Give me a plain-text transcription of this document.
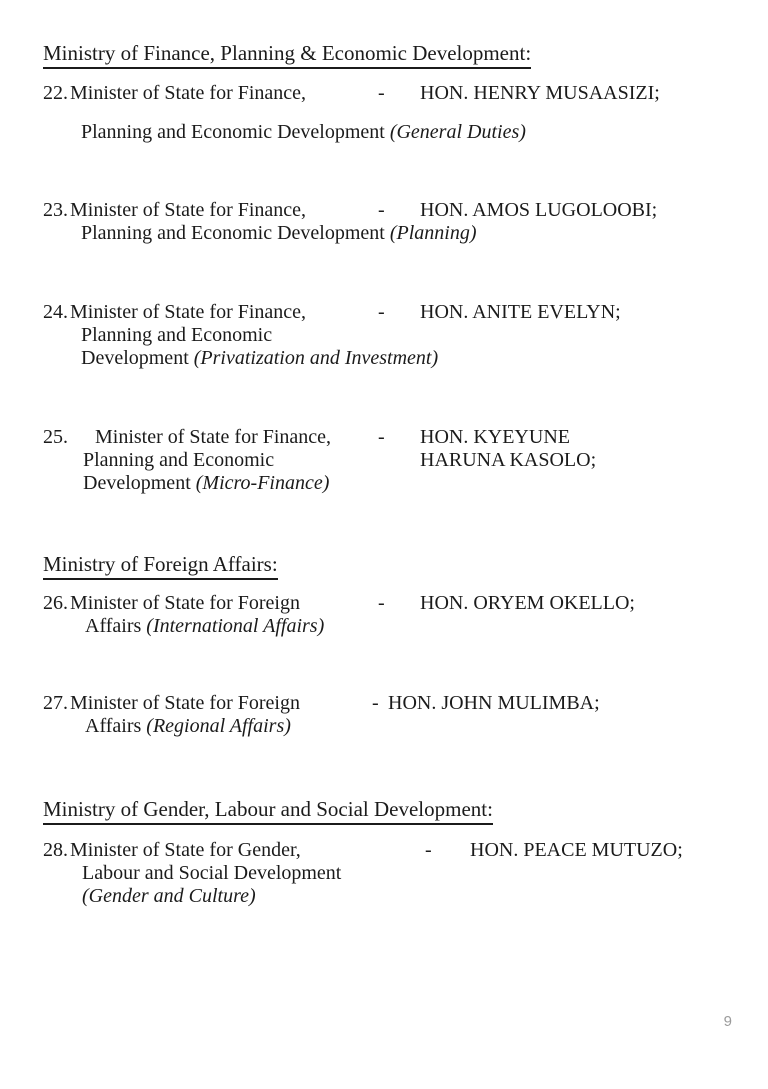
Ministry of Finance, Planning & Economic Development:
22. Minister of State for Finance,
Planning and Economic Development (General Duties)
-	HON. HENRY MUSAASIZI;
23. Minister of State for Finance,
Planning and Economic Development (Planning)
-	HON. AMOS LUGOLOOBI;
24. Minister of State for Finance,
Planning and Economic
Development (Privatization and Investment)
-	HON. ANITE EVELYN;
25.	Minister of State for Finance,
Planning and Economic
Development (Micro-Finance)
-	HON. KYEYUNE
HARUNA KASOLO;
Ministry of Foreign Affairs:
26. Minister of State for Foreign
Affairs (International Affairs)
-	HON. ORYEM OKELLO;
27. Minister of State for Foreign
Affairs (Regional Affairs)
- HON. JOHN MULIMBA;
Ministry of Gender, Labour and Social Development:
28. Minister of State for Gender,
Labour and Social Development
(Gender and Culture)
-	HON. PEACE MUTUZO;
9
